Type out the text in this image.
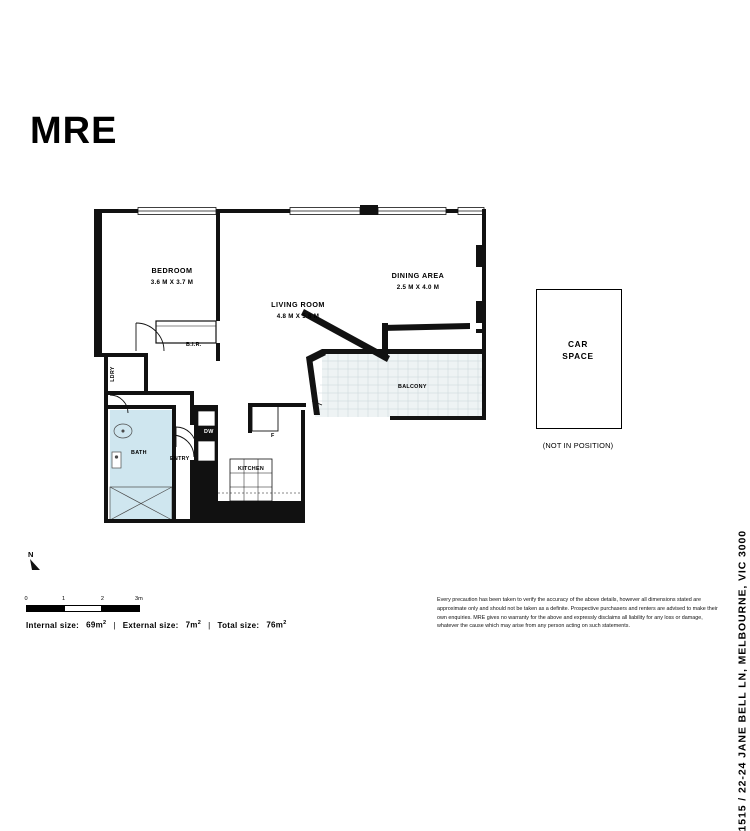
MRE
1515 / 22-24 JANE BELL LN, MELBOURNE, VIC 3000
BEDROOM
3.6 M X 3.7 M
LIVING ROOM
4.8 M X 5.8 M
DINING AREA
2.5 M X 4.0 M
BALCONY
BATH
ENTRY
KITCHEN
B.I.R.
DW
F
LDRY
CAR
SPACE
(NOT IN POSITION)
N
0	1	2	3m
Internal size: $69m^2$ | External size: $7m^2$ | Total size: $76m^2$
Every precaution has been taken to verify the accuracy of the above details, however all dimensions stated are approximate only and should not be taken as a definite. Prospective purchasers and renters are advised to make their own enquiries. MRE gives no warranty for the above and expressly disclaims all liability for any loss or damage, whatever the cause which may arise from any person acting on such statements.
